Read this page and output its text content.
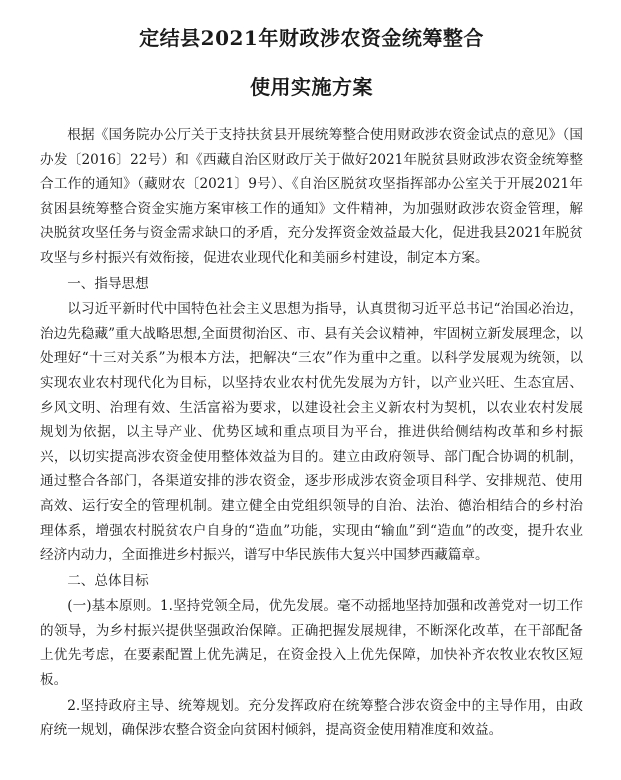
定结县2021年财政涉农资金统筹整合
使用实施方案

根据《国务院办公厅关于支持扶贫县开展统筹整合使用财政涉农资金试点的意见》（国办发〔2016〕22号）和《西藏自治区财政厅关于做好2021年脱贫县财政涉农资金统筹整合工作的通知》（藏财农〔2021〕9号）、《自治区脱贫攻坚指挥部办公室关于开展2021年贫困县统筹整合资金实施方案审核工作的通知》文件精神，为加强财政涉农资金管理，解决脱贫攻坚任务与资金需求缺口的矛盾，充分发挥资金效益最大化，促进我县2021年脱贫攻坚与乡村振兴有效衔接，促进农业现代化和美丽乡村建设，制定本方案。

一、指导思想

以习近平新时代中国特色社会主义思想为指导，认真贯彻习近平总书记“治国必治边，治边先稳藏”重大战略思想,全面贯彻治区、市、县有关会议精神，牢固树立新发展理念，以处理好“十三对关系”为根本方法，把解决“三农”作为重中之重。以科学发展观为统领，以实现农业农村现代化为目标，以坚持农业农村优先发展为方针，以产业兴旺、生态宜居、乡风文明、治理有效、生活富裕为要求，以建设社会主义新农村为契机，以农业农村发展规划为依据，以主导产业、优势区域和重点项目为平台，推进供给侧结构改革和乡村振兴，以切实提高涉农资金使用整体效益为目的。建立由政府领导、部门配合协调的机制，通过整合各部门，各渠道安排的涉农资金，逐步形成涉农资金项目科学、安排规范、使用高效、运行安全的管理机制。建立健全由党组织领导的自治、法治、德治相结合的乡村治理体系，增强农村脱贫农户自身的“造血”功能，实现由“输血”到“造血”的改变，提升农业经济内动力，全面推进乡村振兴，谱写中华民族伟大复兴中国梦西藏篇章。

二、总体目标

(一)基本原则。1.坚持党领全局，优先发展。毫不动摇地坚持加强和改善党对一切工作的领导，为乡村振兴提供坚强政治保障。正确把握发展规律，不断深化改革，在干部配备上优先考虑，在要素配置上优先满足，在资金投入上优先保障，加快补齐农牧业农牧区短板。

2.坚持政府主导、统筹规划。充分发挥政府在统筹整合涉农资金中的主导作用，由政府统一规划，确保涉农整合资金向贫困村倾斜，提高资金使用精准度和效益。
